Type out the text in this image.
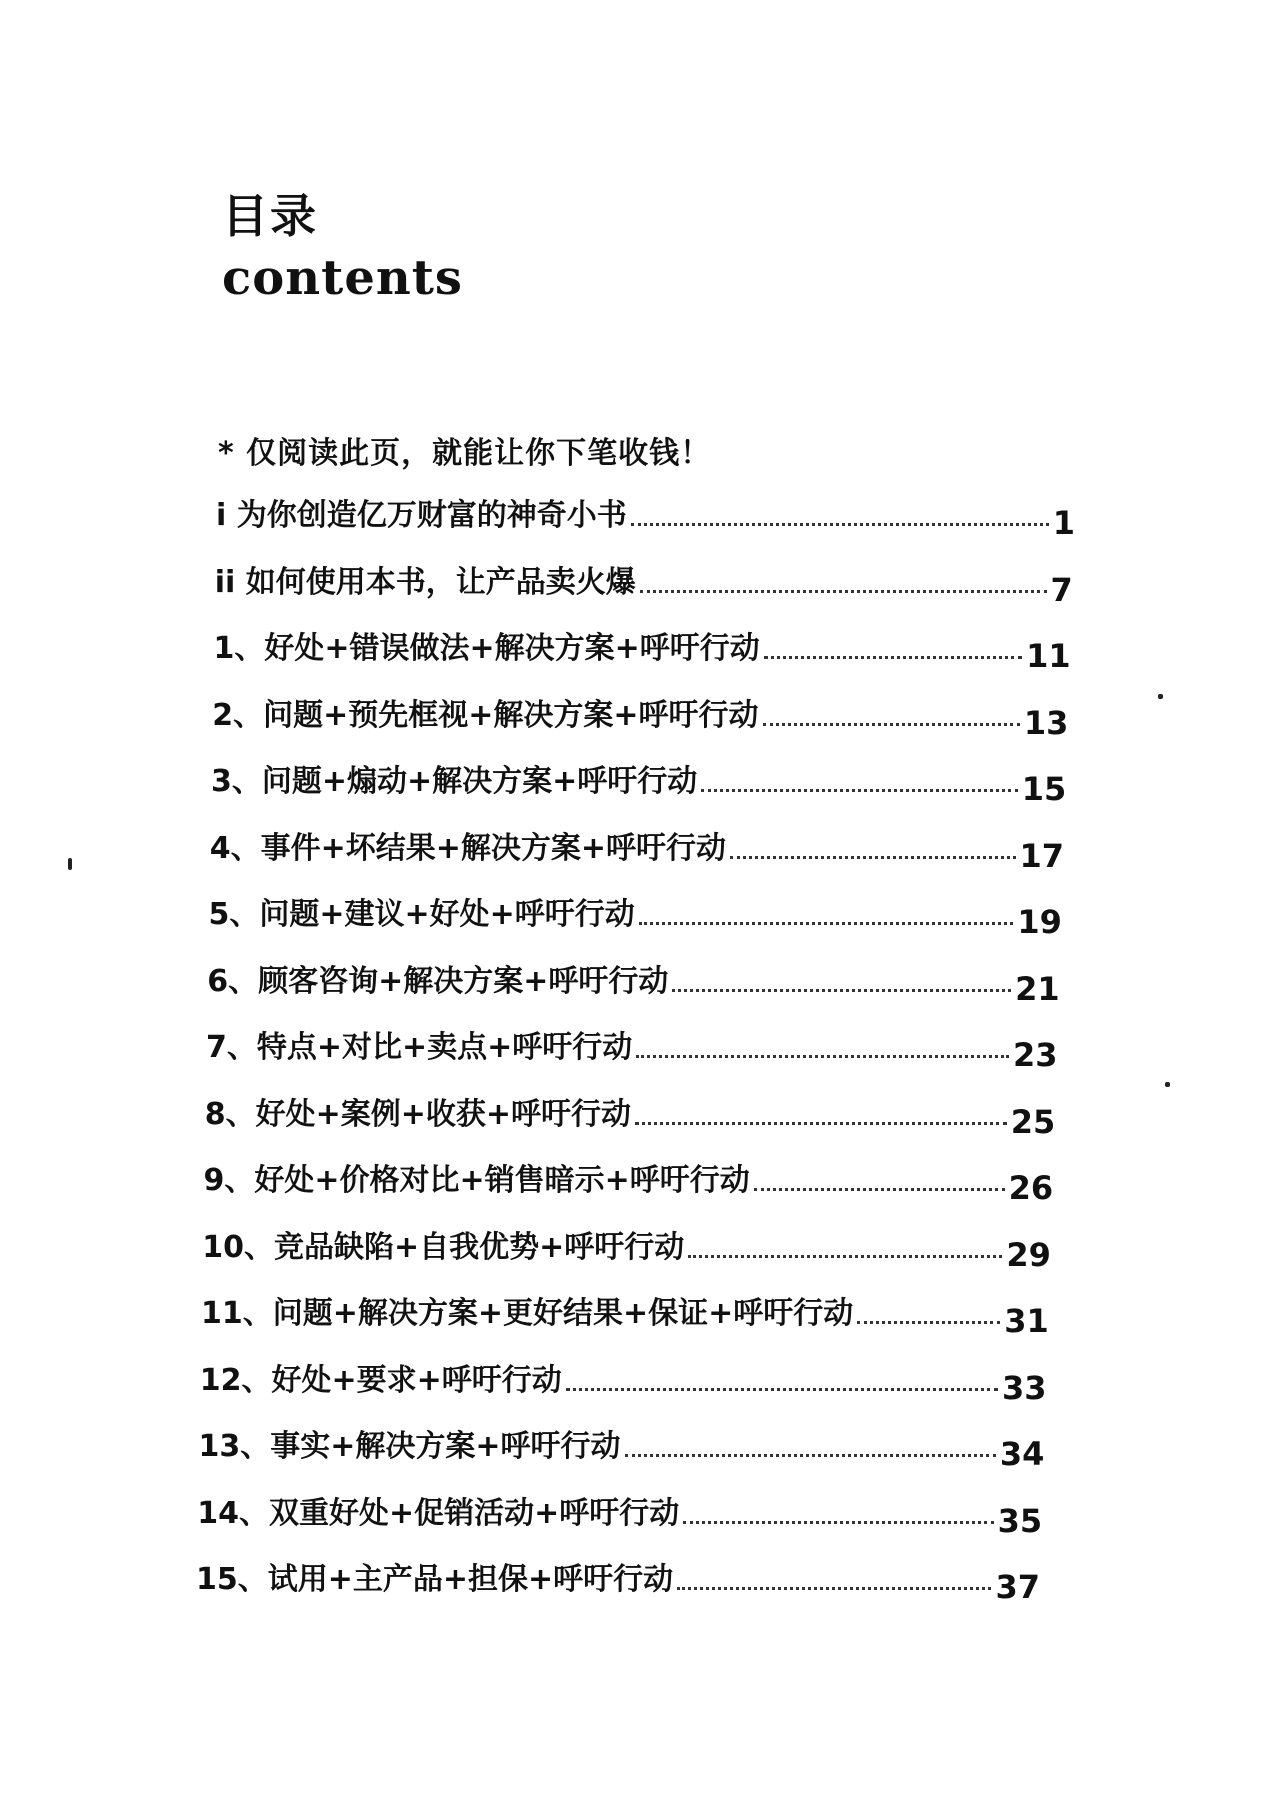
目录
contents
* 仅阅读此页，就能让你下笔收钱！
i 为你创造亿万财富的神奇小书	1
ii 如何使用本书，让产品卖火爆	7
1、好处+错误做法+解决方案+呼吁行动	11
2、问题+预先框视+解决方案+呼吁行动	13
3、问题+煽动+解决方案+呼吁行动	15
4、事件+坏结果+解决方案+呼吁行动	17
5、问题+建议+好处+呼吁行动	19
6、顾客咨询+解决方案+呼吁行动	21
7、特点+对比+卖点+呼吁行动	23
8、好处+案例+收获+呼吁行动	25
9、好处+价格对比+销售暗示+呼吁行动	26
10、竞品缺陷+自我优势+呼吁行动	29
11、问题+解决方案+更好结果+保证+呼吁行动	31
12、好处+要求+呼吁行动	33
13、事实+解决方案+呼吁行动	34
14、双重好处+促销活动+呼吁行动	35
15、试用+主产品+担保+呼吁行动	37
